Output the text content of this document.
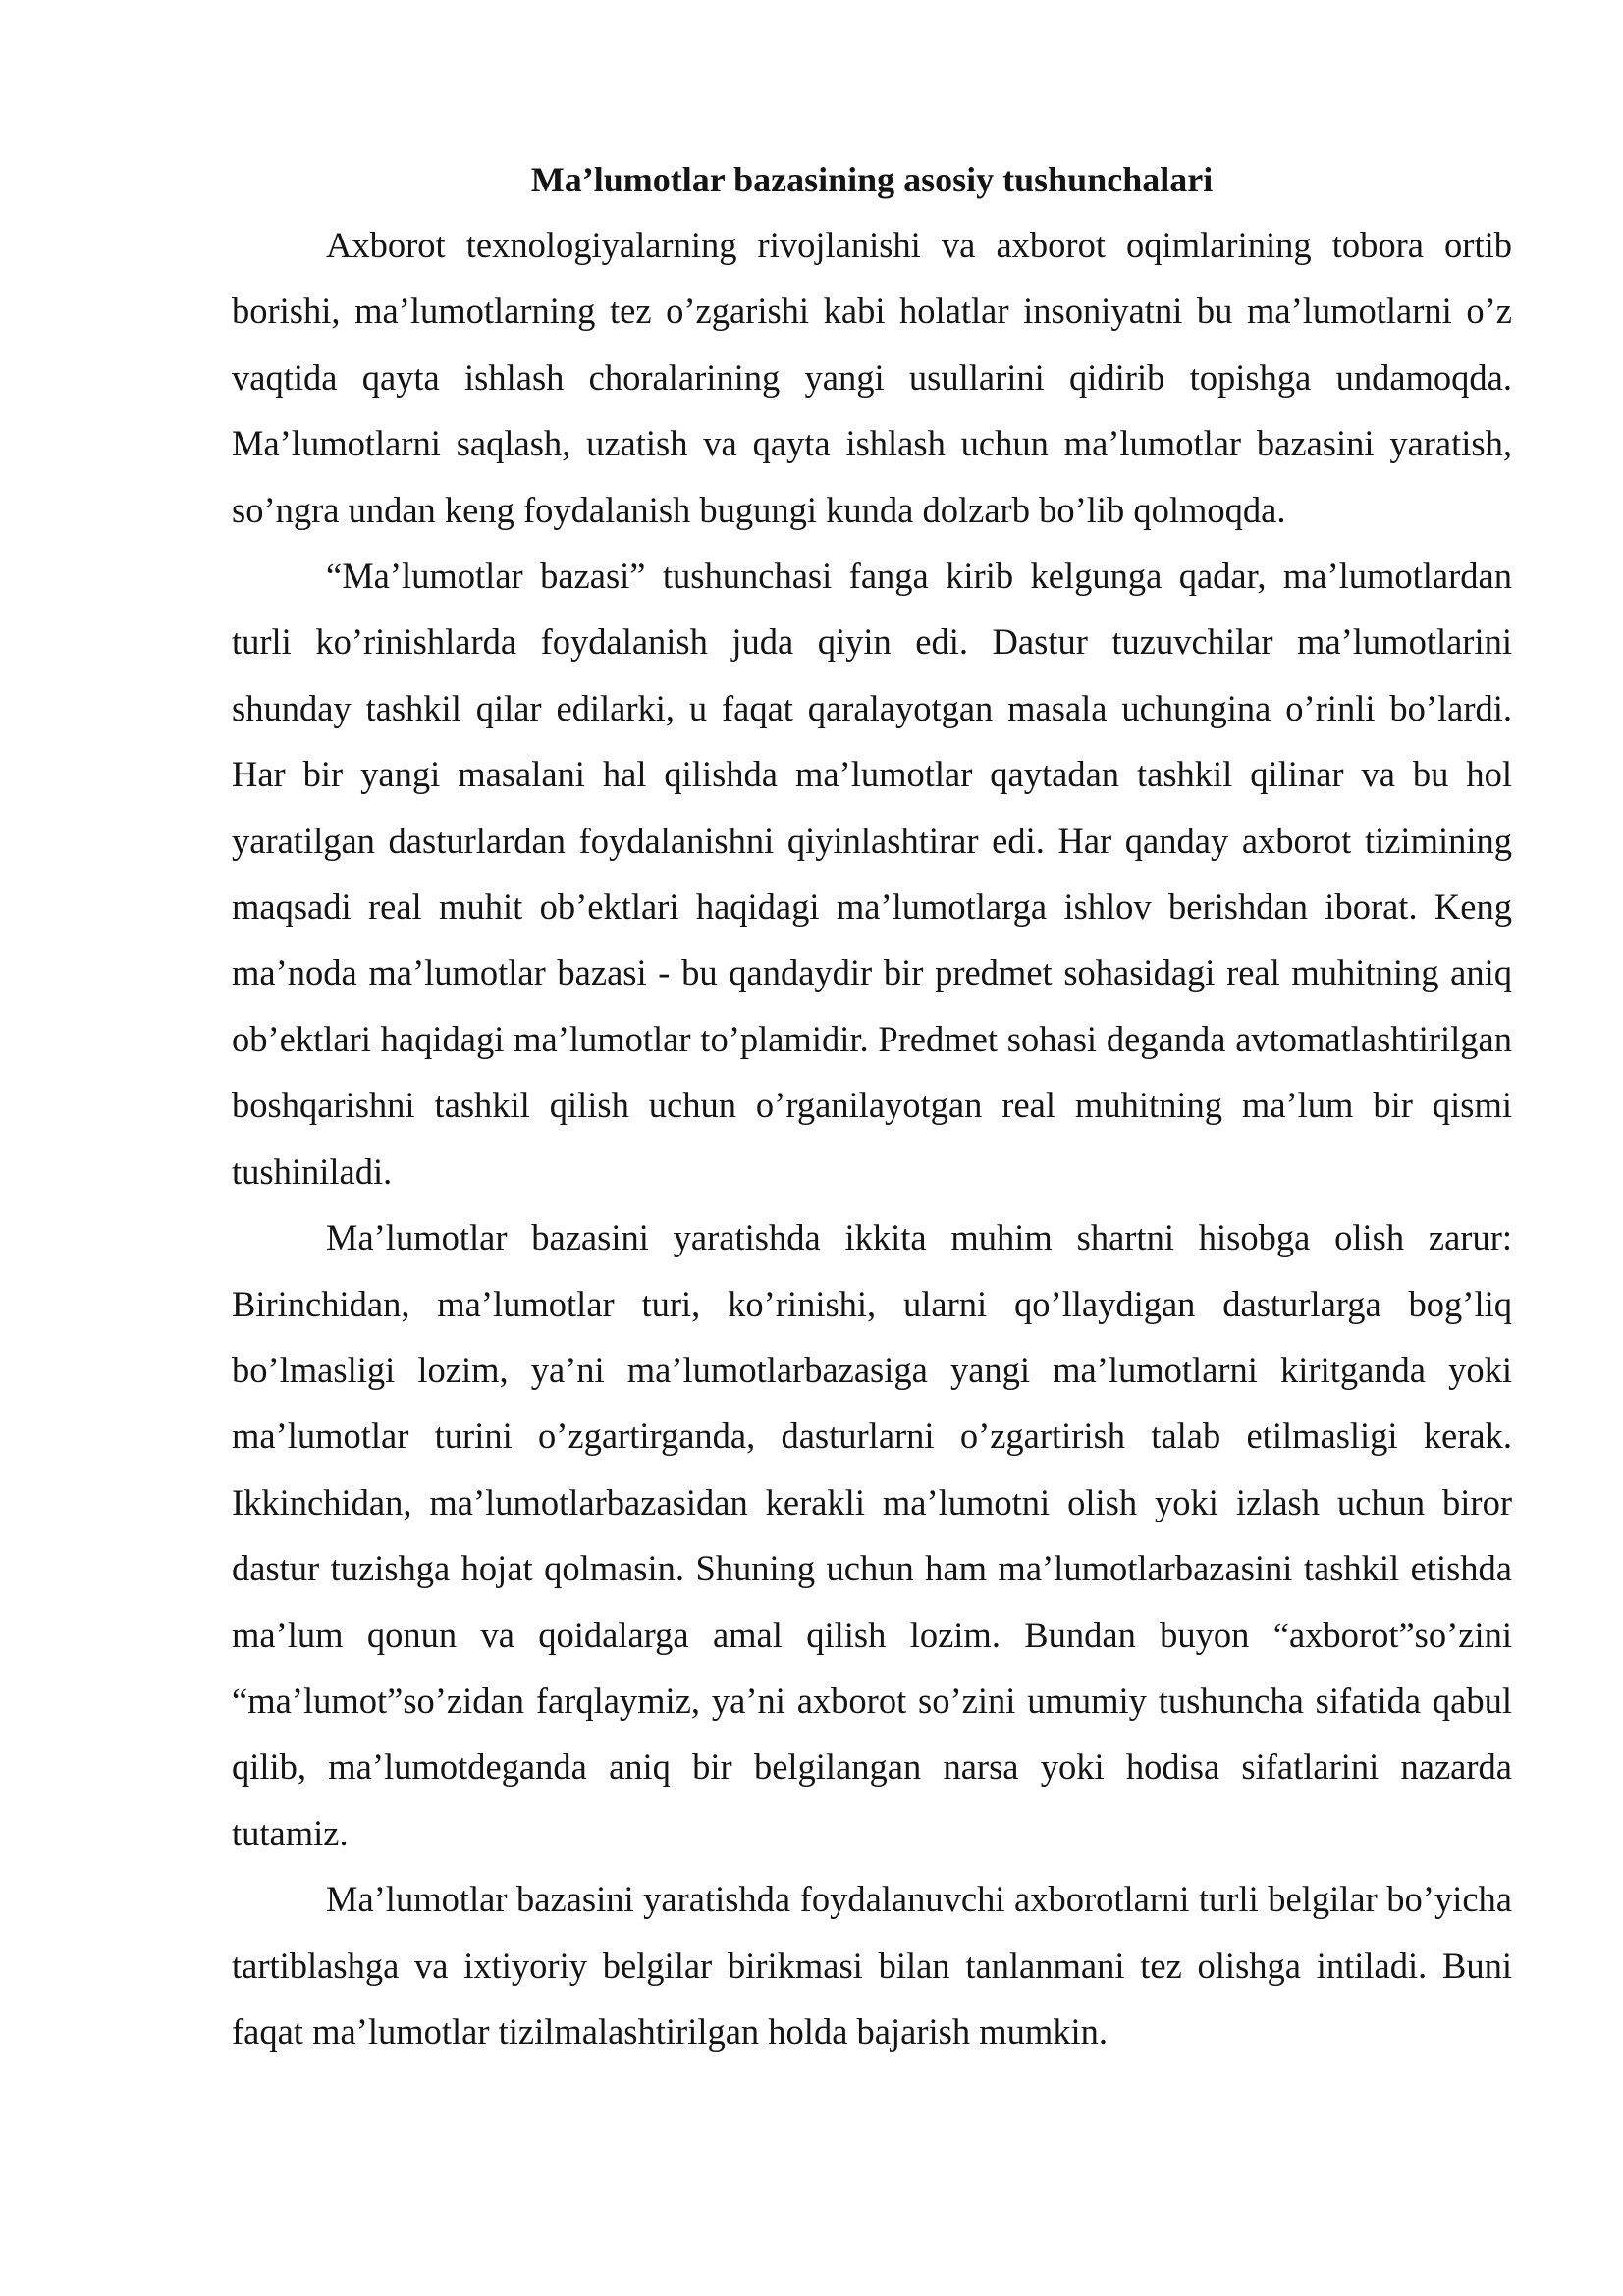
Ma’lumotlar bazasining asosiy tushunchalari

Axborot texnologiyalarning rivojlanishi va axborot oqimlarining tobora ortib borishi, ma’lumotlarning tez o’zgarishi kabi holatlar insoniyatni bu ma’lumotlarni o’z vaqtida qayta ishlash choralarining yangi usullarini qidirib topishga undamoqda. Ma’lumotlarni saqlash, uzatish va qayta ishlash uchun ma’lumotlar bazasini yaratish, so’ngra undan keng foydalanish bugungi kunda dolzarb bo’lib qolmoqda.

“Ma’lumotlar bazasi” tushunchasi fanga kirib kelgunga qadar, ma’lumotlardan turli ko’rinishlarda foydalanish juda qiyin edi. Dastur tuzuvchilar ma’lumotlarini shunday tashkil qilar edilarki, u faqat qaralayotgan masala uchungina o’rinli bo’lardi. Har bir yangi masalani hal qilishda ma’lumotlar qaytadan tashkil qilinar va bu hol yaratilgan dasturlardan foydalanishni qiyinlashtirar edi. Har qanday axborot tizimining maqsadi real muhit ob’ektlari haqidagi ma’lumotlarga ishlov berishdan iborat. Keng ma’noda ma’lumotlar bazasi - bu qandaydir bir predmet sohasidagi real muhitning aniq ob’ektlari haqidagi ma’lumotlar to’plamidir. Predmet sohasi deganda avtomatlashtirilgan boshqarishni tashkil qilish uchun o’rganilayotgan real muhitning ma’lum bir qismi tushiniladi.

Ma’lumotlar bazasini yaratishda ikkita muhim shartni hisobga olish zarur: Birinchidan, ma’lumotlar turi, ko’rinishi, ularni qo’llaydigan dasturlarga bog’liq bo’lmasligi lozim, ya’ni ma’lumotlarbazasiga yangi ma’lumotlarni kiritganda yoki ma’lumotlar turini o’zgartirganda, dasturlarni o’zgartirish talab etilmasligi kerak. Ikkinchidan, ma’lumotlarbazasidan kerakli ma’lumotni olish yoki izlash uchun biror dastur tuzishga hojat qolmasin. Shuning uchun ham ma’lumotlarbazasini tashkil etishda ma’lum qonun va qoidalarga amal qilish lozim. Bundan buyon “axborot”so’zini “ma’lumot”so’zidan farqlaymiz, ya’ni axborot so’zini umumiy tushuncha sifatida qabul qilib, ma’lumotdeganda aniq bir belgilangan narsa yoki hodisa sifatlarini nazarda tutamiz.

Ma’lumotlar bazasini yaratishda foydalanuvchi axborotlarni turli belgilar bo’yicha tartiblashga va ixtiyoriy belgilar birikmasi bilan tanlanmani tez olishga intiladi. Buni faqat ma’lumotlar tizilmalashtirilgan holda bajarish mumkin.
